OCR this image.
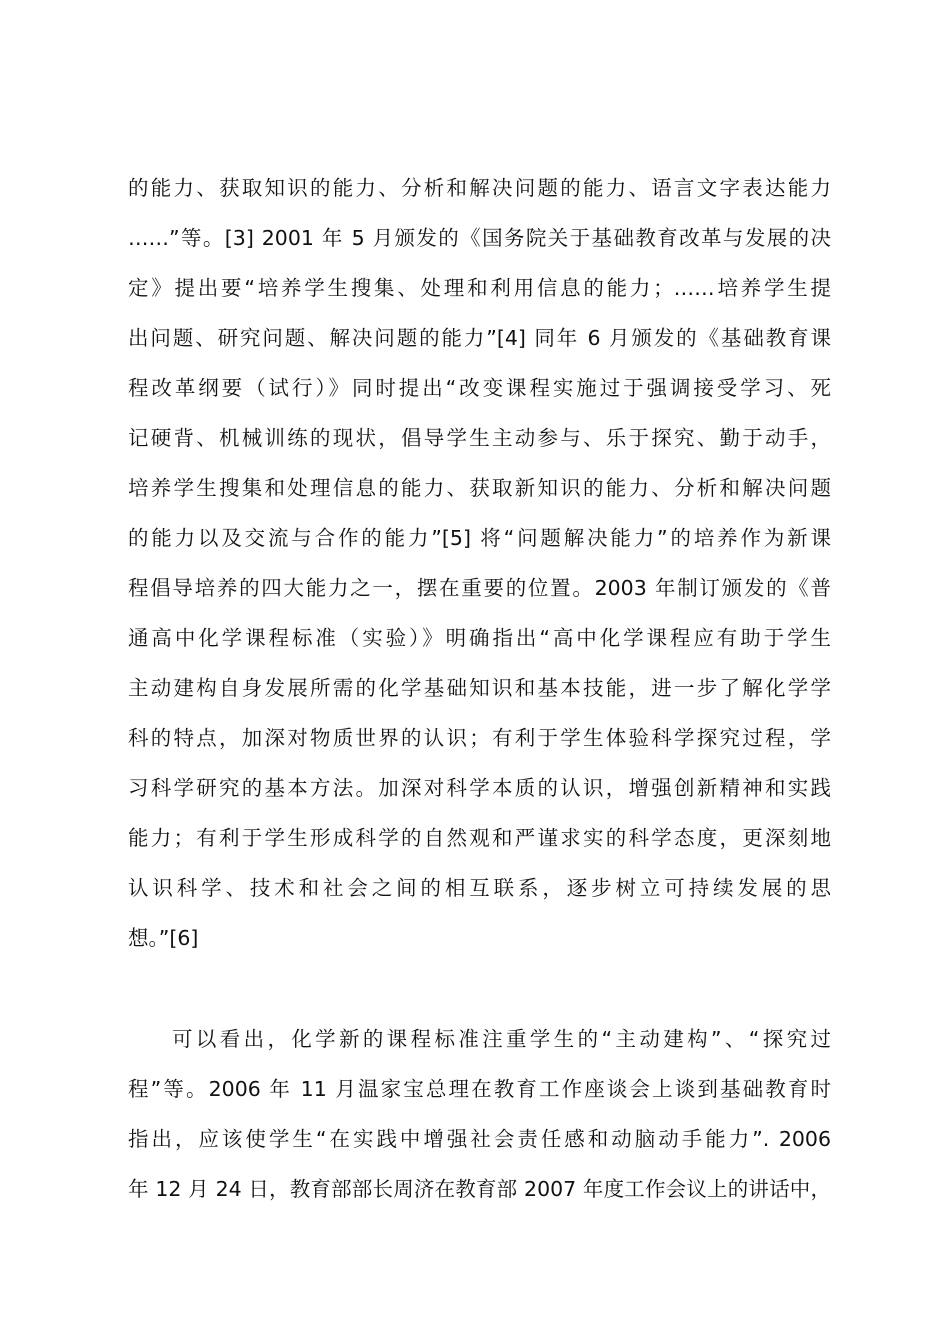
的能力、获取知识的能力、分析和解决问题的能力、语言文字表达能力
……”等。[3] 2001 年 5 月颁发的《国务院关于基础教育改革与发展的决
定》提出要“培养学生搜集、处理和利用信息的能力；……培养学生提
出问题、研究问题、解决问题的能力”[4] 同年 6 月颁发的《基础教育课
程改革纲要（试行）》同时提出“改变课程实施过于强调接受学习、死
记硬背、机械训练的现状，倡导学生主动参与、乐于探究、勤于动手，
培养学生搜集和处理信息的能力、获取新知识的能力、分析和解决问题
的能力以及交流与合作的能力”[5] 将“问题解决能力”的培养作为新课
程倡导培养的四大能力之一，摆在重要的位置。2003 年制订颁发的《普
通高中化学课程标准（实验）》明确指出“高中化学课程应有助于学生
主动建构自身发展所需的化学基础知识和基本技能，进一步了解化学学
科的特点，加深对物质世界的认识；有利于学生体验科学探究过程，学
习科学研究的基本方法。加深对科学本质的认识，增强创新精神和实践
能力；有利于学生形成科学的自然观和严谨求实的科学态度，更深刻地
认识科学、技术和社会之间的相互联系，逐步树立可持续发展的思
想。”[6]
可以看出，化学新的课程标准注重学生的“主动建构”、“探究过
程”等。2006 年 11 月温家宝总理在教育工作座谈会上谈到基础教育时
指出，应该使学生“在实践中增强社会责任感和动脑动手能力”. 2006
年 12 月 24 日，教育部部长周济在教育部 2007 年度工作会议上的讲话中，
